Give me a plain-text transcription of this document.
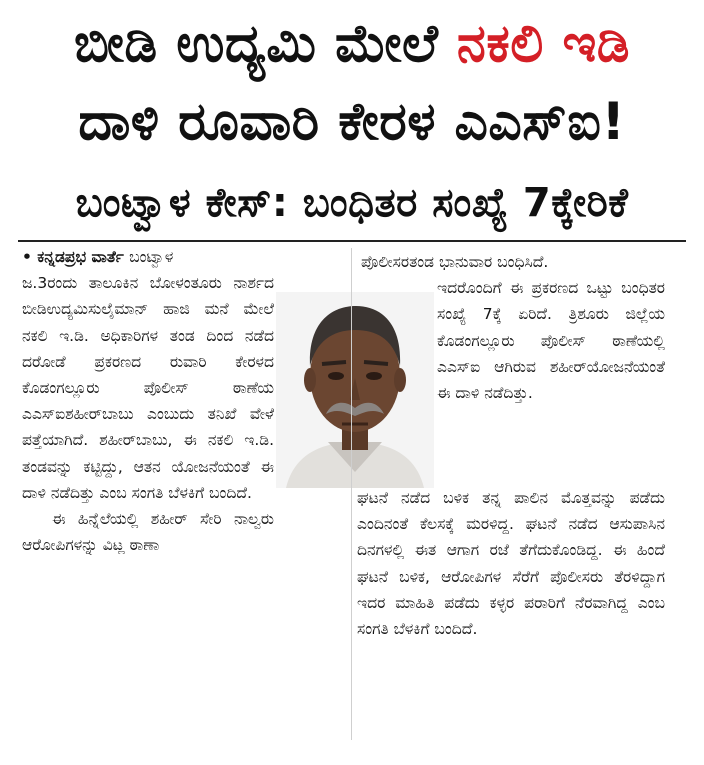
ಬೀಡಿ ಉದ್ಯಮಿ ಮೇಲೆ ನಕಲಿ ಇಡಿ
ದಾಳಿ ರೂವಾರಿ ಕೇರಳ ಎಎಸ್‌ಐ!
ಬಂಟ್ವಾಳ ಕೇಸ್: ಬಂಧಿತರ ಸಂಖ್ಯೆ 7ಕ್ಕೇರಿಕೆ

• ಕನ್ನಡಪ್ರಭ ವಾರ್ತೆ ಬಂಟ್ವಾಳ

ಜ.3ರಂದು ತಾಲೂಕಿನ ಬೋಳಂತೂರು ನಾರ್ಶದ ಬೀಡಿಉದ್ಯಮಿಸುಲೈಮಾನ್ ಹಾಜಿ ಮನೆ ಮೇಲೆ ನಕಲಿ ಇ.ಡಿ. ಅಧಿಕಾರಿಗಳ ತಂಡ ದಿಂದ ನಡೆದ ದರೋಡೆ ಪ್ರಕರಣದ ರುವಾರಿ ಕೇರಳದ ಕೊಡಂಗಲ್ಲೂರು ಪೊಲೀಸ್ ಠಾಣೆಯ ಎಎಸ್ಐಶಹೀರ್‌ಬಾಬು ಎಂಬುದು ತನಿಖೆ ವೇಳೆ ಪತ್ತೆಯಾಗಿದೆ. ಶಹೀರ್‌ಬಾಬು, ಈ ನಕಲಿ ಇ.ಡಿ. ತಂಡವನ್ನು ಕಟ್ಟಿದ್ದು, ಆತನ ಯೋಜನೆಯಂತೆ ಈ ದಾಳಿ ನಡೆದಿತ್ತು ಎಂಬ ಸಂಗತಿ ಬೆಳಕಿಗೆ ಬಂದಿದೆ.

ಈ ಹಿನ್ನೆಲೆಯಲ್ಲಿ ಶಹೀರ್ ಸೇರಿ ನಾಲ್ವರು ಆರೋಪಿಗಳನ್ನು ವಿಟ್ಲ ಠಾಣಾ

ಪೊಲೀಸರತಂಡ ಭಾನುವಾರ ಬಂಧಿಸಿದೆ.

ಇದರೊಂದಿಗೆ ಈ ಪ್ರಕರಣದ ಒಟ್ಟು ಬಂಧಿತರ ಸಂಖ್ಯೆ 7ಕ್ಕೆ ಏರಿದೆ. ತ್ರಿಶೂರು ಜಿಲ್ಲೆಯ ಕೊಡಂಗಲ್ಲೂರು ಪೊಲೀಸ್ ಠಾಣೆಯಲ್ಲಿ ಎಎಸ್ಐ ಆಗಿರುವ ಶಹೀರ್‌ಯೋಜನೆಯಂತೆ ಈ ದಾಳಿ ನಡೆದಿತ್ತು.

ಘಟನೆ ನಡೆದ ಬಳಿಕ ತನ್ನ ಪಾಲಿನ ಮೊತ್ತವನ್ನು ಪಡೆದು ಎಂದಿನಂತೆ ಕೆಲಸಕ್ಕೆ ಮರಳಿದ್ದ. ಘಟನೆ ನಡೆದ ಆಸುಪಾಸಿನ ದಿನಗಳಲ್ಲಿ ಈತ ಆಗಾಗ ರಜೆ ತೆಗೆದುಕೊಂಡಿದ್ದ. ಈ ಹಿಂದೆ ಘಟನೆ ಬಳಿಕ, ಆರೋಪಿಗಳ ಸೆರೆಗೆ ಪೊಲೀಸರು ತೆರಳಿದ್ದಾಗ ಇದರ ಮಾಹಿತಿ ಪಡೆದು ಕಳ್ಳರ ಪರಾರಿಗೆ ನೆರವಾಗಿದ್ದ ಎಂಬ ಸಂಗತಿ ಬೆಳಕಿಗೆ ಬಂದಿದೆ.
